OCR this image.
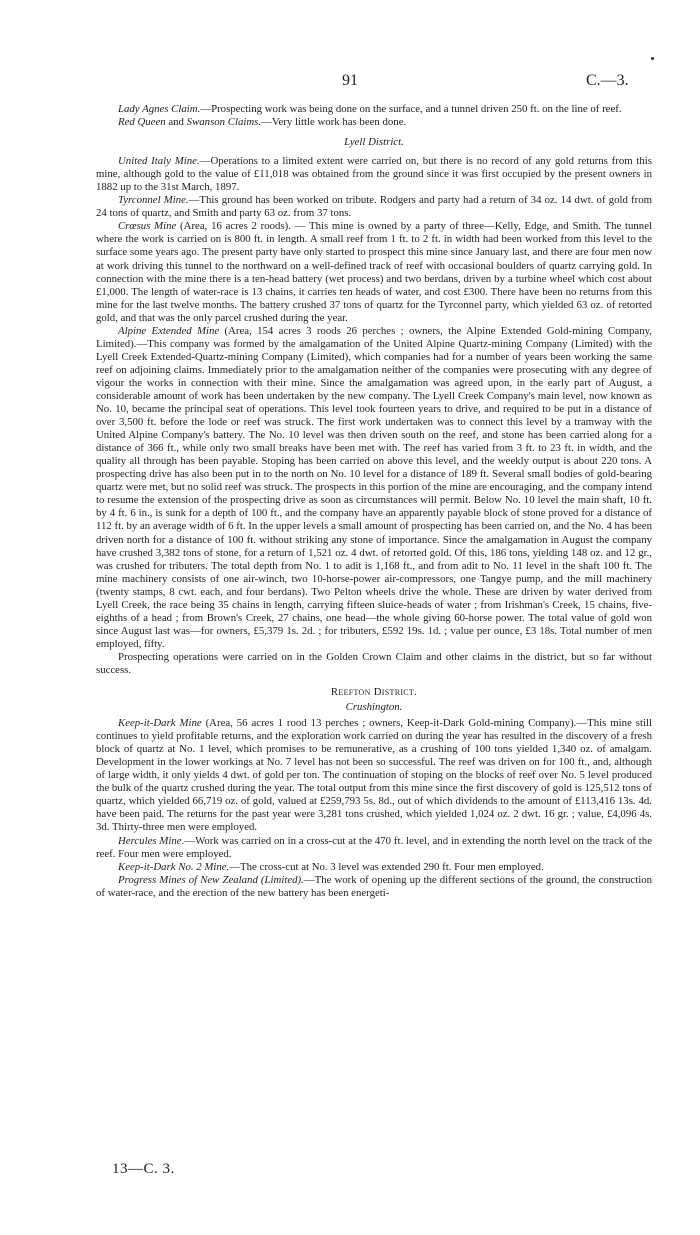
91	C.—3.

Lady Agnes Claim.—Prospecting work was being done on the surface, and a tunnel driven 250 ft. on the line of reef.

Red Queen and Swanson Claims.—Very little work has been done.

Lyell District.

United Italy Mine.—Operations to a limited extent were carried on, but there is no record of any gold returns from this mine, although gold to the value of £11,018 was obtained from the ground since it was first occupied by the present owners in 1882 up to the 31st March, 1897.

Tyrconnel Mine.—This ground has been worked on tribute. Rodgers and party had a return of 34 oz. 14 dwt. of gold from 24 tons of quartz, and Smith and party 63 oz. from 37 tons.

Crœsus Mine (Area, 16 acres 2 roods). — This mine is owned by a party of three—Kelly, Edge, and Smith. The tunnel where the work is carried on is 800 ft. in length. A small reef from 1 ft. to 2 ft. in width had been worked from this level to the surface some years ago. The present party have only started to prospect this mine since January last, and there are four men now at work driving this tunnel to the northward on a well-defined track of reef with occasional boulders of quartz carrying gold. In connection with the mine there is a ten-head battery (wet process) and two berdans, driven by a turbine wheel which cost about £1,000. The length of water-race is 13 chains, it carries ten heads of water, and cost £300. There have been no returns from this mine for the last twelve months. The battery crushed 37 tons of quartz for the Tyrconnel party, which yielded 63 oz. of retorted gold, and that was the only parcel crushed during the year.

Alpine Extended Mine (Area, 154 acres 3 roods 26 perches ; owners, the Alpine Extended Gold-mining Company, Limited).—This company was formed by the amalgamation of the United Alpine Quartz-mining Company (Limited) with the Lyell Creek Extended-Quartz-mining Company (Limited), which companies had for a number of years been working the same reef on adjoining claims. Immediately prior to the amalgamation neither of the companies were prosecuting with any degree of vigour the works in connection with their mine. Since the amalgamation was agreed upon, in the early part of August, a considerable amount of work has been undertaken by the new company. The Lyell Creek Company's main level, now known as No. 10, became the principal seat of operations. This level took fourteen years to drive, and required to be put in a distance of over 3,500 ft. before the lode or reef was struck. The first work undertaken was to connect this level by a tramway with the United Alpine Company's battery. The No. 10 level was then driven south on the reef, and stone has been carried along for a distance of 366 ft., while only two small breaks have been met with. The reef has varied from 3 ft. to 23 ft. in width, and the quality all through has been payable. Stoping has been carried on above this level, and the weekly output is about 220 tons. A prospecting drive has also been put in to the north on No. 10 level for a distance of 189 ft. Several small bodies of gold-bearing quartz were met, but no solid reef was struck. The prospects in this portion of the mine are encouraging, and the company intend to resume the extension of the prospecting drive as soon as circumstances will permit. Below No. 10 level the main shaft, 10 ft. by 4 ft. 6 in., is sunk for a depth of 100 ft., and the company have an apparently payable block of stone proved for a distance of 112 ft. by an average width of 6 ft. In the upper levels a small amount of prospecting has been carried on, and the No. 4 has been driven north for a distance of 100 ft. without striking any stone of importance. Since the amalgamation in August the company have crushed 3,382 tons of stone, for a return of 1,521 oz. 4 dwt. of retorted gold. Of this, 186 tons, yielding 148 oz. and 12 gr., was crushed for tributers. The total depth from No. 1 to adit is 1,168 ft., and from adit to No. 11 level in the shaft 100 ft. The mine machinery consists of one air-winch, two 10-horse-power air-compressors, one Tangye pump, and the mill machinery (twenty stamps, 8 cwt. each, and four berdans). Two Pelton wheels drive the whole. These are driven by water derived from Lyell Creek, the race being 35 chains in length, carrying fifteen sluice-heads of water ; from Irishman's Creek, 15 chains, five-eighths of a head ; from Brown's Creek, 27 chains, one head—the whole giving 60-horse power. The total value of gold won since August last was—for owners, £5,379 1s. 2d. ; for tributers, £592 19s. 1d. ; value per ounce, £3 18s. Total number of men employed, fifty.

Prospecting operations were carried on in the Golden Crown Claim and other claims in the district, but so far without success.

Reefton District.
Crushington.

Keep-it-Dark Mine (Area, 56 acres 1 rood 13 perches ; owners, Keep-it-Dark Gold-mining Company).—This mine still continues to yield profitable returns, and the exploration work carried on during the year has resulted in the discovery of a fresh block of quartz at No. 1 level, which promises to be remunerative, as a crushing of 100 tons yielded 1,340 oz. of amalgam. Development in the lower workings at No. 7 level has not been so successful. The reef was driven on for 100 ft., and, although of large width, it only yields 4 dwt. of gold per ton. The continuation of stoping on the blocks of reef over No. 5 level produced the bulk of the quartz crushed during the year. The total output from this mine since the first discovery of gold is 125,512 tons of quartz, which yielded 66,719 oz. of gold, valued at £259,793 5s. 8d., out of which dividends to the amount of £113,416 13s. 4d. have been paid. The returns for the past year were 3,281 tons crushed, which yielded 1,024 oz. 2 dwt. 16 gr. ; value, £4,096 4s. 3d. Thirty-three men were employed.

Hercules Mine.—Work was carried on in a cross-cut at the 470 ft. level, and in extending the north level on the track of the reef. Four men were employed.

Keep-it-Dark No. 2 Mine.—The cross-cut at No. 3 level was extended 290 ft. Four men employed.

Progress Mines of New Zealand (Limited).—The work of opening up the different sections of the ground, the construction of water-race, and the erection of the new battery has been energeti-

13—C. 3.
